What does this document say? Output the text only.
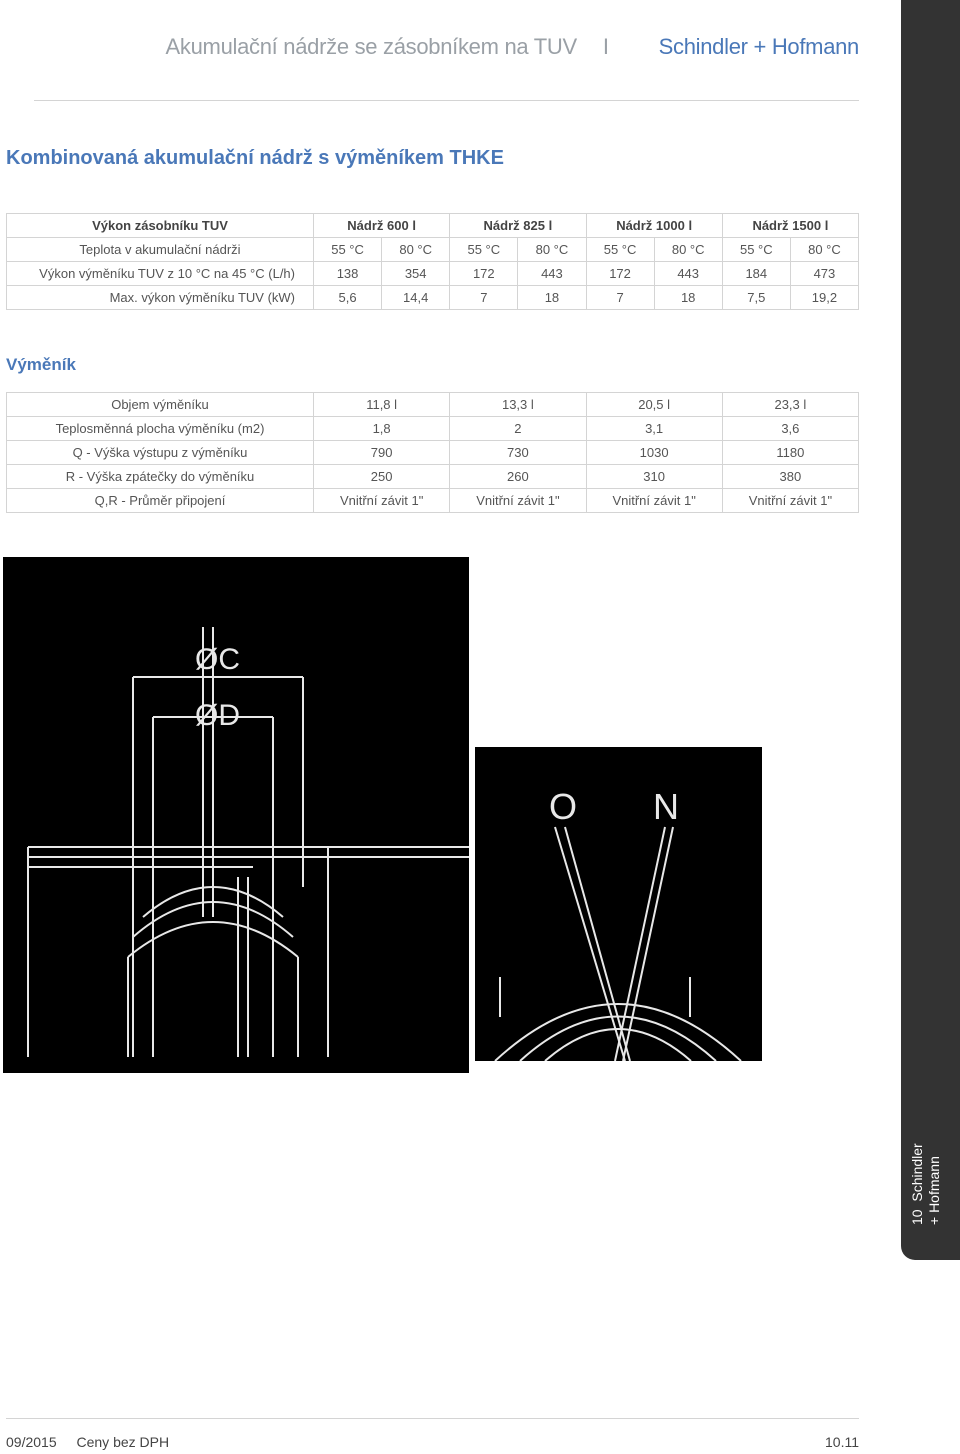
Akumulační nádrže se zásobníkem na TUV I Schindler + Hofmann
Kombinovaná akumulační nádrž s výměníkem THKE
Výkon zásobníku TUV	Nádrž 600 l		Nádrž 825 l		Nádrž 1000 l		Nádrž 1500 l	
Teplota v akumulační nádrži	55 °C	80 °C	55 °C	80 °C	55 °C	80 °C	55 °C	80 °C
Výkon výměníku TUV z 10 °C na 45 °C (L/h)	138	354	172	443	172	443	184	473
Max. výkon výměníku TUV (kW)	5,6	14,4	7	18	7	18	7,5	19,2
Výměník
Objem výměníku	11,8 l	13,3 l	20,5 l	23,3 l
Teplosměnná plocha výměníku (m2)	1,8	2	3,1	3,6
Q - Výška výstupu z výměníku	790	730	1030	1180
R - Výška zpátečky do výměníku	250	260	310	380
Q,R - Průměr připojení	Vnitřní závit 1"	Vnitřní závit 1"	Vnitřní závit 1"	Vnitřní závit 1"
ØC
ØD
O N
10  Schindler + Hofmann
09/2015 Ceny bez DPH	10.11
